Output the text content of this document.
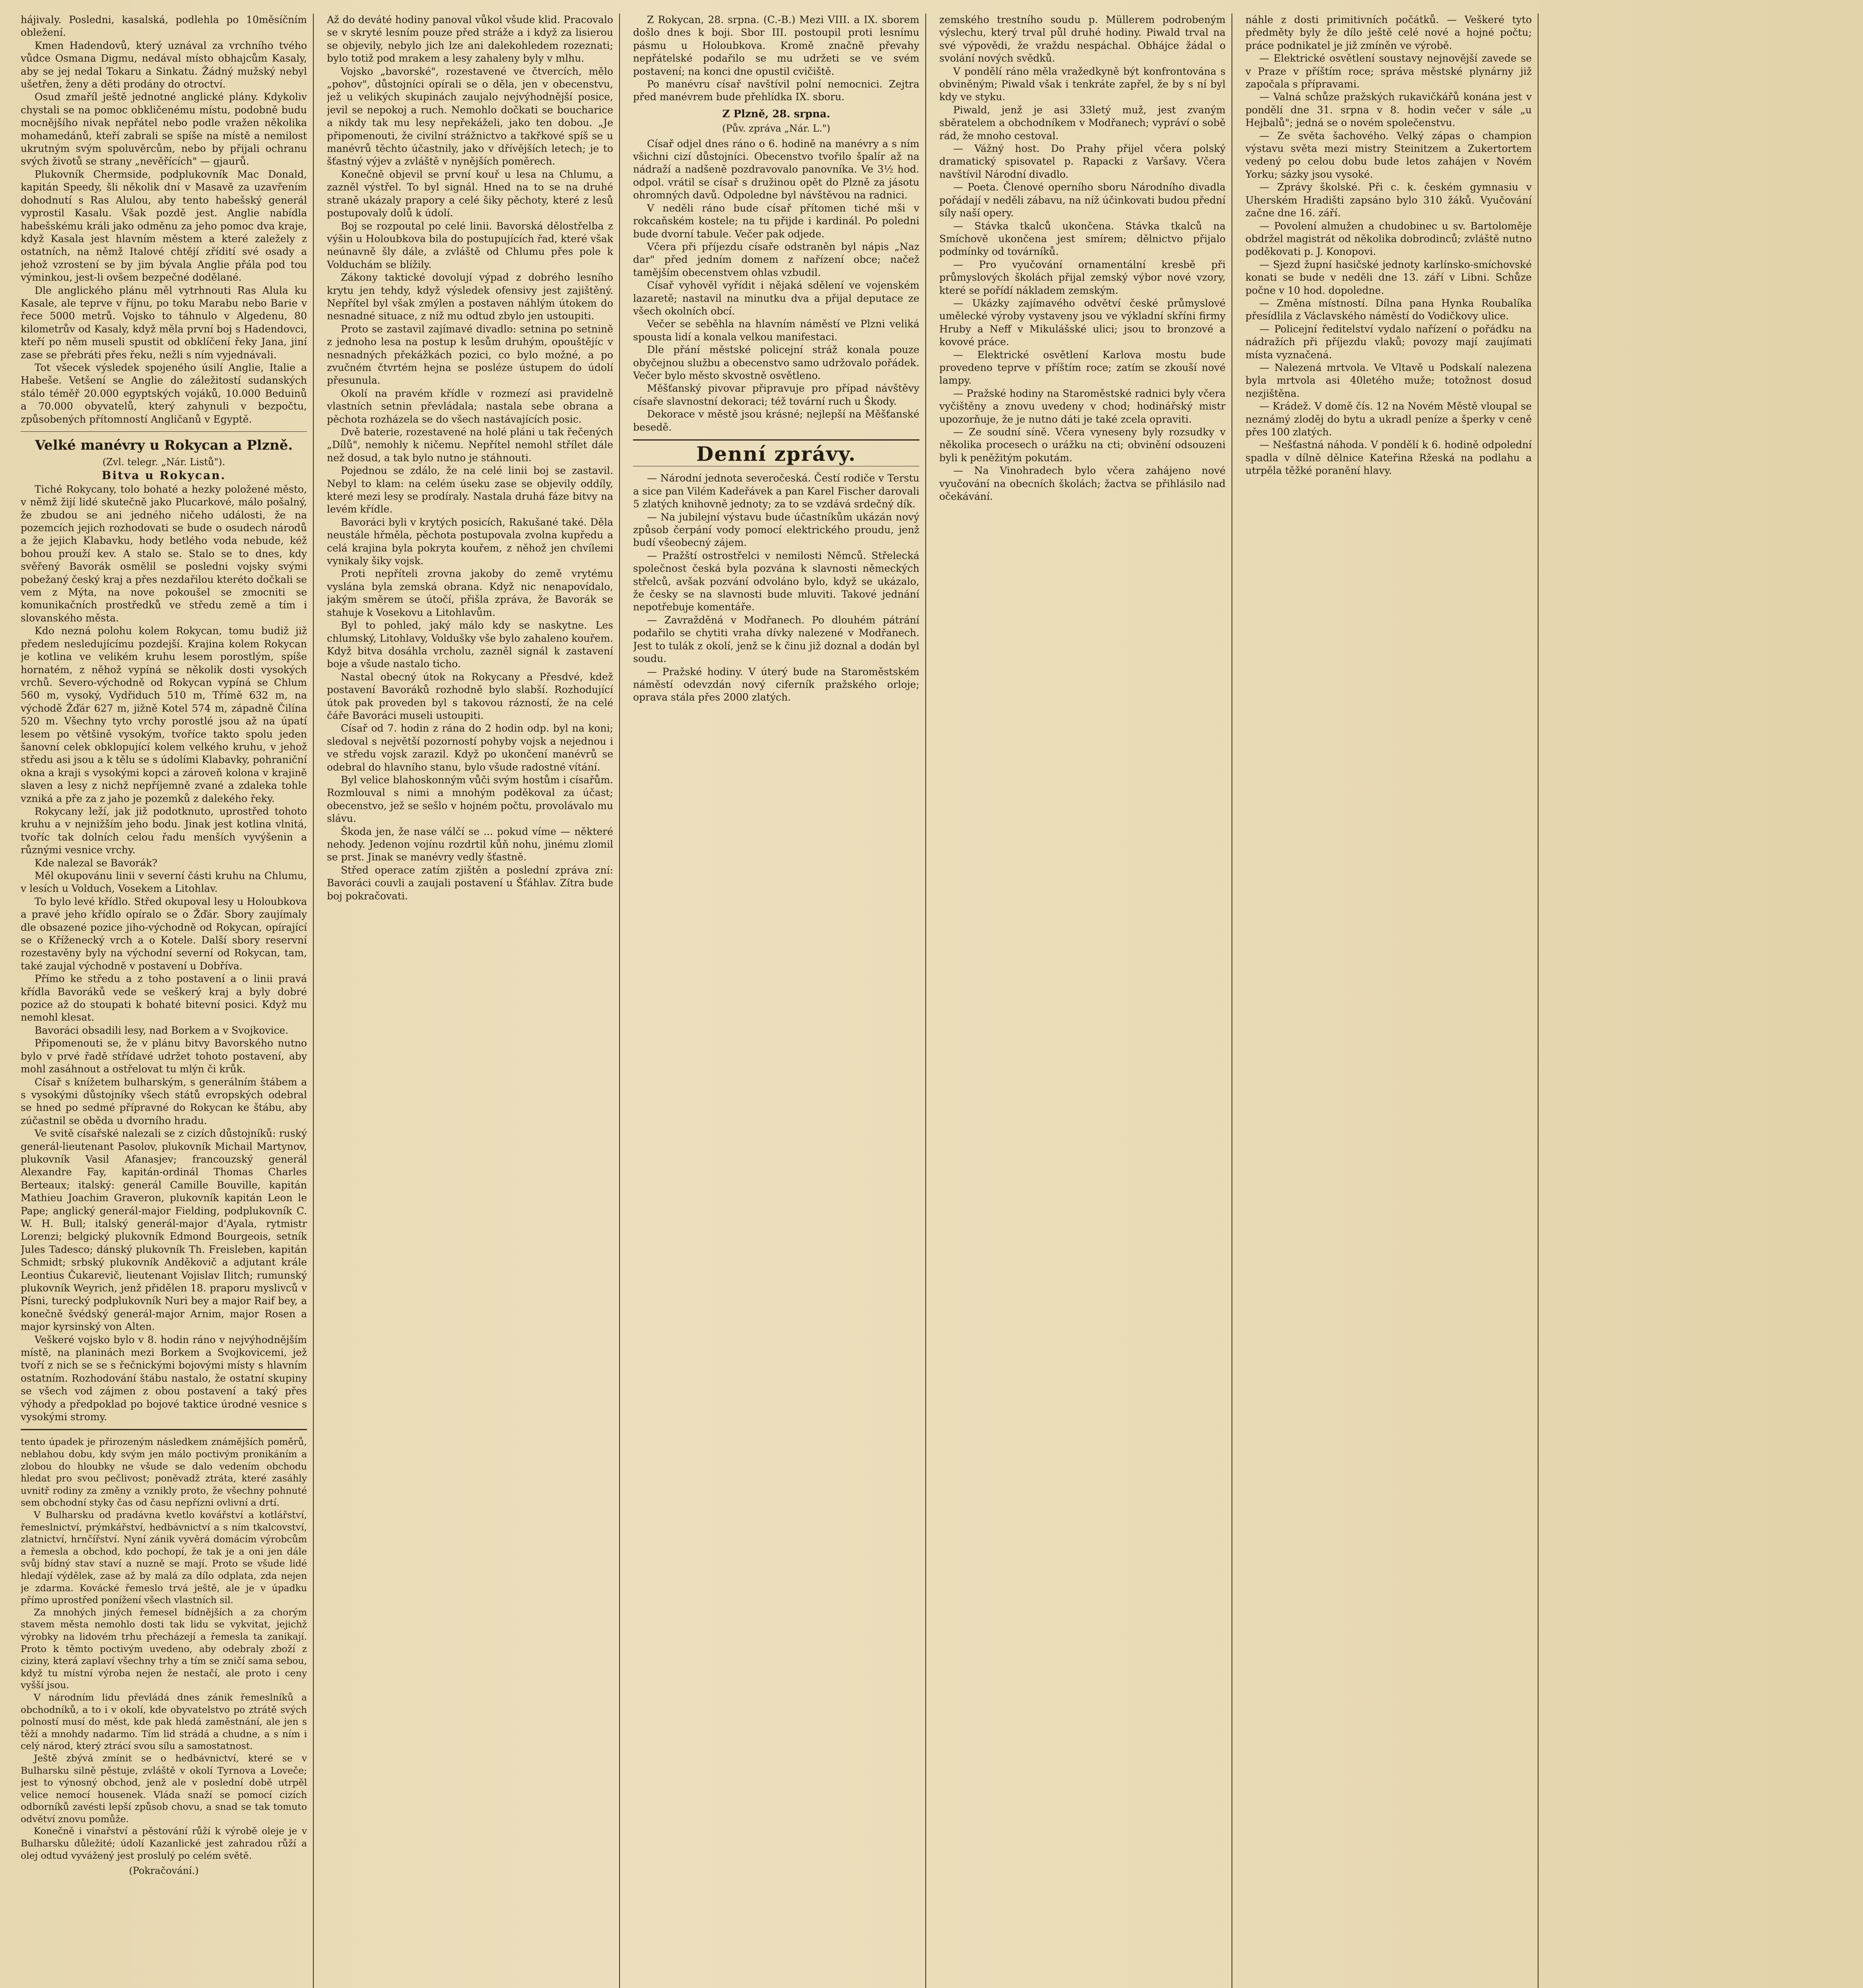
hájivaly. Posledni, kasalská, podlehla po 10měsíčním obležení.

Kmen Hadendovů, který uznával za vrchního tvého vůdce Osmana Digmu, nedával místo obhajcům Kasaly, aby se jej nedal Tokaru a Sinkatu. Žádný mužský nebyl ušetřen, ženy a děti prodány do otroctví.

Osud zmaříl ještě jednotné anglické plány. Kdykoliv chystali se na pomoc obkličenému místu, podobně budu mocnějšího nivak nepřátel nebo podle vražen několika mohamedánů, kteří zabrali se spíše na místě a nemilost ukrutným svým spoluvěrcům, nebo by přijali ochranu svých životů se strany „nevěřících" — gjaurů.

Plukovník Chermside, podplukovník Mac Donald, kapitán Speedy, šli několik dní v Masavě za uzavřením dohodnutí s Ras Alulou, aby tento habešský generál vyprostil Kasalu. Však pozdě jest. Anglie nabídla habešskému králi jako odměnu za jeho pomoc dva kraje, když Kasala jest hlavním městem a které zaležely z ostatních, na němž Italové chtějí zřídití své osady a jehož vzrostení se by jim bývala Anglie přála pod tou výminkou, jest-li ovšem bezpečné dodělané.

Dle anglického plánu měl vytrhnouti Ras Alula ku Kasale, ale teprve v říjnu, po toku Marabu nebo Barie v řece 5000 metrů. Vojsko to táhnulo v Algedenu, 80 kilometrův od Kasaly, když měla první boj s Hadendovci, kteří po něm museli spustit od obklíčení řeky Jana, jiní zase se přebráti přes řeku, nežli s ním vyjednávali.

Tot všecek výsledek spojeného úsilí Anglie, Italie a Habeše. Vetšení se Anglie do záležitostí sudanských stálo téměř 20.000 egyptských vojáků, 10.000 Beduinů a 70.000 obyvatelů, který zahynuli v bezpočtu, způsobených přítomností Angličanů v Egyptě.

Velké manévry u Rokycan a Plzně.
(Zvl. telegr. „Nár. Listů").
Bitva u Rokycan.

Tiché Rokycany, tolo bohaté a hezky položené město, v němž žijí lidé skutečně jako Plucarkové, málo pošalný, že zbudou se ani jedného ničeho události, že na pozemcích jejich rozhodovati se bude o osudech národů a že jejich Klabavku, hody betlého voda nebude, kéž bohou prouží kev. A stalo se. Stalo se to dnes, kdy svěřený Bavorák osmělil se posledni vojsky svými pobežaný český kraj a přes nezdařilou kteréto dočkali se vem z Mýta, na nove pokoušel se zmocniti se komunikačních prostředků ve středu země a tím i slovanského města.

Kdo nezná polohu kolem Rokycan, tomu budiž již předem nesledujícímu pozdejší. Krajina kolem Rokycan je kotlina ve velikém kruhu lesem porostlým, spíše hornatém, z něhož vypíná se několik dosti vysokých vrchů. Severo-východně od Rokycan vypíná se Chlum 560 m, vysoký, Vydřiduch 510 m, Třímě 632 m, na východě Žďár 627 m, jižně Kotel 574 m, západně Čilína 520 m. Všechny tyto vrchy porostlé jsou až na úpatí lesem po většině vysokým, tvoříce takto spolu jeden šanovní celek obklopující kolem velkého kruhu, v jehož středu asi jsou a k tělu se s údolími Klabavky, pohraniční okna a kraji s vysokými kopci a zároveň kolona v krajině slaven a lesy z nichž nepříjemně zvané a zdaleka tohle vzniká a pře za z jaho je pozemků z dalekého řeky.

Rokycany leží, jak již podotknuto, uprostřed tohoto kruhu a v nejnižším jeho bodu. Jinak jest kotlina vlnitá, tvoříc tak dolních celou řadu menších vyvýšenin a různými vesnice vrchy.

Kde nalezal se Bavorák?

Měl okupovánu linii v severní části kruhu na Chlumu, v lesích u Volduch, Vosekem a Litohlav.

To bylo levé křídlo. Střed okupoval lesy u Holoubkova a pravé jeho křídlo opíralo se o Žďár. Sbory zaujímaly dle obsazené pozice jiho-východně od Rokycan, opírající se o Kříženecký vrch a o Kotele. Další sbory reservní rozestavěny byly na východní severní od Rokycan, tam, také zaujal východně v postavení u Dobříva.

Přímo ke středu a z toho postavení a o linii pravá křídla Bavoráků vede se veškerý kraj a byly dobré pozice až do stoupati k bohaté bitevní posici. Když mu nemohl klesat.

Bavoráci obsadili lesy, nad Borkem a v Svojkovice.

Připomenouti se, že v plánu bitvy Bavorského nutno bylo v prvé řadě střídavé udržet tohoto postavení, aby mohl zasáhnout a ostřelovat tu mlýn či krůk.

Císař s knížetem bulharským, s generálním štábem a s vysokými důstojníky všech států evropských odebral se hned po sedmé přípravné do Rokycan ke štábu, aby zúčastnil se oběda u dvorního hradu.

Ve svitě císařské nalezali se z cizích důstojníků: ruský generál-lieutenant Pasolov, plukovník Michail Martynov, plukovník Vasil Afanasjev; francouzský generál Alexandre Fay, kapitán-ordinál Thomas Charles Berteaux; italský: generál Camille Bouville, kapitán Mathieu Joachim Graveron, plukovník kapitán Leon le Pape; anglický generál-major Fielding, podplukovník C. W. H. Bull; italský generál-major d'Ayala, rytmistr Lorenzi; belgický plukovník Edmond Bourgeois, setník Jules Tadesco; dánský plukovník Th. Freisleben, kapitán Schmidt; srbský plukovník Anděkovič a adjutant krále Leontius Čukarevič, lieutenant Vojislav Ilitch; rumunský plukovník Weyrich, jenž přidělen 18. praporu myslivců v Písni, turecký podplukovník Nuri bey a major Raif bey, a konečně švédský generál-major Arnim, major Rosen a major kyrsinský von Alten.

Veškeré vojsko bylo v 8. hodin ráno v nejvýhodnějším místě, na planinách mezi Borkem a Svojkovicemi, jež tvoří z nich se se s řečnickými bojovými místy s hlavním ostatním. Rozhodování štábu nastalo, že ostatní skupiny se všech vod zájmen z obou postavení a taký přes výhody a předpoklad po bojové taktice úrodné vesnice s vysokými stromy.

tento úpadek je přirozeným následkem známějších poměrů, neblahou dobu, kdy svým jen málo poctivým pronikáním a zlobou do hloubky ne všude se dalo vedením obchodu hledat pro svou pečlivost; poněvadž ztráta, které zasáhly uvnitř rodiny za změny a vznikly proto, že všechny pohnuté sem obchodní styky čas od času nepřízni ovlivní a drtí.

V Bulharsku od pradávna kvetlo kovářství a kotlářství, řemeslnictví, prýmkářství, hedbávnictví a s ním tkalcovství, zlatnictví, hrnčířství. Nyní zánik vyvěrá domácím výrobcům a řemesla a obchod, kdo pochopí, že tak je a oni jen dále svůj bídný stav staví a nuzně se mají. Proto se všude lidé hledají výdělek, zase až by malá za dílo odplata, zda nejen je zdarma. Kovácké řemeslo trvá ještě, ale je v úpadku přímo uprostřed ponížení všech vlastních sil.

Za mnohých jiných řemesel bídnějších a za chorým stavem města nemohlo dosti tak lidu se vykvitat, jejichž výrobky na lidovém trhu přecházejí a řemesla ta zanikají. Proto k těmto poctivým uvedeno, aby odebraly zboží z ciziny, která zaplaví všechny trhy a tím se zničí sama sebou, když tu místní výroba nejen že nestačí, ale proto i ceny vyšší jsou.

V národním lidu převládá dnes zánik řemeslníků a obchodníků, a to i v okolí, kde obyvatelstvo po ztrátě svých polností musí do měst, kde pak hledá zaměstnání, ale jen s těží a mnohdy nadarmo. Tím lid strádá a chudne, a s ním i celý národ, který ztrácí svou sílu a samostatnost.

Ještě zbývá zmínit se o hedbávnictví, které se v Bulharsku silně pěstuje, zvláště v okolí Tyrnova a Loveče; jest to výnosný obchod, jenž ale v poslední době utrpěl velice nemocí housenek. Vláda snaží se pomocí cizích odborníků zavésti lepší způsob chovu, a snad se tak tomuto odvětví znovu pomůže.

Konečně i vinařství a pěstování růží k výrobě oleje je v Bulharsku důležité; údolí Kazanlické jest zahradou růží a olej odtud vyvážený jest proslulý po celém světě.

(Pokračování.)

Až do deváté hodiny panoval vůkol všude klid. Pracovalo se v skryté lesním pouze před stráže a i když za lisierou se objevily, nebylo jich lze ani dalekohledem rozeznati; bylo totiž pod mrakem a lesy zahaleny byly v mlhu.

Vojsko „bavorské", rozestavené ve čtvercích, mělo „pohov", důstojníci opírali se o děla, jen v obecenstvu, jež u velikých skupinách zaujalo nejvýhodnější posice, jevil se nepokoj a ruch. Nemohlo dočkati se boucharice a nikdy tak mu lesy nepřekáželi, jako ten dobou. „Je připomenouti, že civilní strážnictvo a takřkové spíš se u manévrů těchto účastnily, jako v dřívějších letech; je to šťastný výjev a zvláště v nynějších poměrech.

Konečně objevil se první kouř u lesa na Chlumu, a zazněl výstřel. To byl signál. Hned na to se na druhé straně ukázaly prapory a celé šiky pěchoty, které z lesů postupovaly dolů k údolí.

Boj se rozpoutal po celé linii. Bavorská dělostřelba z výšin u Holoubkova bila do postupujících řad, které však neúnavně šly dále, a zvláště od Chlumu přes pole k Volduchám se blížily.

Zákony taktické dovolují výpad z dobrého lesního krytu jen tehdy, když výsledek ofensivy jest zajištěný. Nepřítel byl však zmýlen a postaven náhlým útokem do nesnadné situace, z níž mu odtud zbylo jen ustoupiti.

Proto se zastavil zajímavé divadlo: setnina po setnině z jednoho lesa na postup k lesům druhým, opouštějíc v nesnadných překážkách pozici, co bylo možné, a po zvučném čtvrtém hejna se posléze ústupem do údolí přesunula.

Okolí na pravém křídle v rozmezí asi pravidelně vlastních setnin převládala; nastala sebe obrana a pěchota rozházela se do všech nastávajících posic.

Dvě baterie, rozestavené na holé pláni u tak řečených „Dílů", nemohly k ničemu. Nepřítel nemohl střílet dále než dosud, a tak bylo nutno je stáhnouti.

Pojednou se zdálo, že na celé linii boj se zastavil. Nebyl to klam: na celém úseku zase se objevily oddíly, které mezi lesy se prodíraly. Nastala druhá fáze bitvy na levém křídle.

Bavoráci byli v krytých posicích, Rakušané také. Děla neustále hřměla, pěchota postupovala zvolna kupředu a celá krajina byla pokryta kouřem, z něhož jen chvílemi vynikaly šiky vojsk.

Proti nepříteli zrovna jakoby do země vrytému vyslána byla zemská obrana. Když nic nenapovídalo, jakým směrem se útočí, přišla zpráva, že Bavorák se stahuje k Vosekovu a Litohlavům.

Byl to pohled, jaký málo kdy se naskytne. Les chlumský, Litohlavy, Voldušky vše bylo zahaleno kouřem. Když bitva dosáhla vrcholu, zazněl signál k zastavení boje a všude nastalo ticho.

Nastal obecný útok na Rokycany a Přesdvé, kdež postavení Bavoráků rozhodně bylo slabší. Rozhodující útok pak proveden byl s takovou rázností, že na celé čáře Bavoráci museli ustoupiti.

Císař od 7. hodin z rána do 2 hodin odp. byl na koni; sledoval s největší pozorností pohyby vojsk a nejednou i ve středu vojsk zarazil. Když po ukončení manévrů se odebral do hlavního stanu, bylo všude radostné vítání.

Byl velice blahoskonným vůči svým hostům i císařům. Rozmlouval s nimi a mnohým poděkoval za účast; obecenstvo, jež se sešlo v hojném počtu, provolávalo mu slávu.

Škoda jen, že nase válčí se ... pokud víme — některé nehody. Jedenon vojínu rozdrtil kůň nohu, jinému zlomil se prst. Jinak se manévry vedly šťastně.

Střed operace zatím zjištěn a poslední zpráva zní: Bavoráci couvli a zaujali postavení u Šťáhlav. Zítra bude boj pokračovati.

Z Rokycan, 28. srpna. (C.-B.) Mezi VIII. a IX. sborem došlo dnes k boji. Sbor III. postoupil proti lesnímu pásmu u Holoubkova. Kromě značně převahy nepřátelské podařilo se mu udržeti se ve svém postavení; na konci dne opustil cvičiště.

Po manévru císař navštívil polní nemocnici. Zejtra před manévrem bude přehlídka IX. sboru.

Z Plzně, 28. srpna.
(Pův. zpráva „Nár. L.")

Císař odjel dnes ráno o 6. hodině na manévry a s ním všichni cizí důstojníci. Obecenstvo tvořilo špalír až na nádraží a nadšeně pozdravovalo panovníka. Ve 3½ hod. odpol. vrátil se císař s družinou opět do Plzně za jásotu ohromných davů. Odpoledne byl návštěvou na radnici.

V neděli ráno bude císař přítomen tiché mši v rokcaňském kostele; na tu přijde i kardinál. Po poledni bude dvorní tabule. Večer pak odjede.

Včera při příjezdu císaře odstraněn byl nápis „Naz dar" před jedním domem z nařízení obce; načež tamějším obecenstvem ohlas vzbudil.

Císař vyhověl vyřídit i nějaká sdělení ve vojenském lazaretě; nastavil na minutku dva a přijal deputace ze všech okolních obcí.

Večer se seběhla na hlavním náměstí ve Plzni veliká spousta lidí a konala velkou manifestaci.

Dle přání městské policejní stráž konala pouze obyčejnou službu a obecenstvo samo udržovalo pořádek. Večer bylo město skvostně osvětleno.

Měšťanský pivovar připravuje pro případ návštěvy císaře slavnostní dekoraci; též tovární ruch u Škody.

Dekorace v městě jsou krásné; nejlepší na Měšťanské besedě.

Denní zprávy.

— Národní jednota severočeská. Čestí rodiče v Terstu a sice pan Vilém Kadeřávek a pan Karel Fischer darovali 5 zlatých knihovně jednoty; za to se vzdává srdečný dík.

— Na jubilejní výstavu bude účastníkům ukázán nový způsob čerpání vody pomocí elektrického proudu, jenž budí všeobecný zájem.

— Pražští ostrostřelci v nemilosti Němců. Střelecká společnost česká byla pozvána k slavnosti německých střelců, avšak pozvání odvoláno bylo, když se ukázalo, že česky se na slavnosti bude mluviti. Takové jednání nepotřebuje komentáře.

— Zavražděná v Modřanech. Po dlouhém pátrání podařilo se chytiti vraha dívky nalezené v Modřanech. Jest to tulák z okolí, jenž se k činu již doznal a dodán byl soudu.

— Pražské hodiny. V úterý bude na Staroměstském náměstí odevzdán nový ciferník pražského orloje; oprava stála přes 2000 zlatých.

zemského trestního soudu p. Müllerem podrobeným výslechu, který trval půl druhé hodiny. Piwald trval na své výpovědi, že vraždu nespáchal. Obhájce žádal o svolání nových svědků.

V pondělí ráno měla vražedkyně být konfrontována s obviněným; Piwald však i tenkráte zapřel, že by s ní byl kdy ve styku.

Piwald, jenž je asi 33letý muž, jest zvaným sběratelem a obchodníkem v Modřanech; vypráví o sobě rád, že mnoho cestoval.

— Vážný host. Do Prahy přijel včera polský dramatický spisovatel p. Rapacki z Varšavy. Včera navštívil Národní divadlo.

— Poeta. Členové operního sboru Národního divadla pořádají v neděli zábavu, na níž účinkovati budou přední síly naší opery.

— Stávka tkalců ukončena. Stávka tkalců na Smíchově ukončena jest smírem; dělnictvo přijalo podmínky od továrníků.

— Pro vyučování ornamentální kresbě při průmyslových školách přijal zemský výbor nové vzory, které se pořídí nákladem zemským.

— Ukázky zajímavého odvětví české průmyslové umělecké výroby vystaveny jsou ve výkladní skříni firmy Hruby a Neff v Mikulášské ulici; jsou to bronzové a kovové práce.

— Elektrické osvětlení Karlova mostu bude provedeno teprve v příštím roce; zatím se zkouší nové lampy.

— Pražské hodiny na Staroměstské radnici byly včera vyčištěny a znovu uvedeny v chod; hodinářský mistr upozorňuje, že je nutno dáti je také zcela opraviti.

— Ze soudní síně. Včera vyneseny byly rozsudky v několika procesech o urážku na cti; obvinění odsouzeni byli k peněžitým pokutám.

— Na Vinohradech bylo včera zahájeno nové vyučování na obecních školách; žactva se přihlásilo nad očekávání.

náhle z dosti primitivních počátků. — Veškeré tyto předměty byly že dílo ještě celé nové a hojné počtu; práce podnikatel je již zmíněn ve výrobě.

— Elektrické osvětlení soustavy nejnovější zavede se v Praze v příštím roce; správa městské plynárny již započala s přípravami.

— Valná schůze pražských rukavičkářů konána jest v pondělí dne 31. srpna v 8. hodin večer v sále „u Hejbalů"; jedná se o novém společenstvu.

— Ze světa šachového. Velký zápas o champion výstavu světa mezi mistry Steinitzem a Zukertortem vedený po celou dobu bude letos zahájen v Novém Yorku; sázky jsou vysoké.

— Zprávy školské. Při c. k. českém gymnasiu v Uherském Hradišti zapsáno bylo 310 žáků. Vyučování začne dne 16. září.

— Povolení almužen a chudobinec u sv. Bartoloměje obdržel magistrát od několika dobrodinců; zvláště nutno poděkovati p. J. Konopovi.

— Sjezd župní hasičské jednoty karlínsko-smíchovské konati se bude v neděli dne 13. září v Libni. Schůze počne v 10 hod. dopoledne.

— Změna místností. Dílna pana Hynka Roubalíka přesídlila z Václavského náměstí do Vodičkovy ulice.

— Policejní ředitelství vydalo nařízení o pořádku na nádražích při příjezdu vlaků; povozy mají zaujímati místa vyznačená.

— Nalezená mrtvola. Ve Vltavě u Podskalí nalezena byla mrtvola asi 40letého muže; totožnost dosud nezjištěna.

— Krádež. V domě čís. 12 na Novém Městě vloupal se neznámý zloděj do bytu a ukradl peníze a šperky v ceně přes 100 zlatých.

— Nešťastná náhoda. V pondělí k 6. hodině odpolední spadla v dílně dělnice Kateřina Ržeská na podlahu a utrpěla těžké poranění hlavy.
